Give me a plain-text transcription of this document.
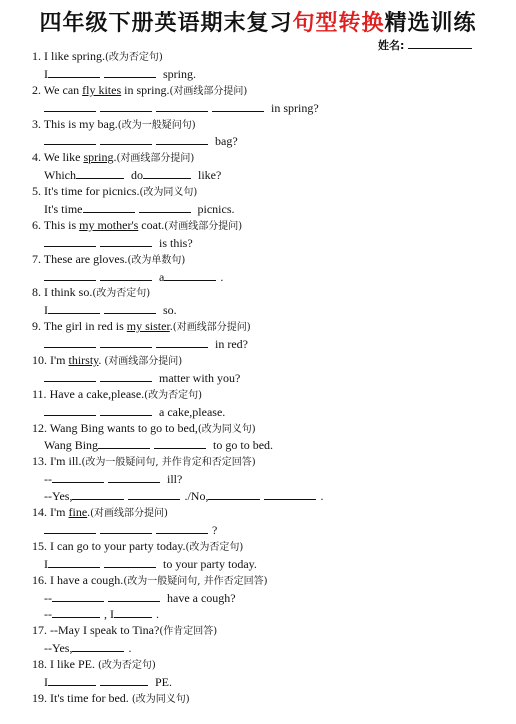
四年级下册英语期末复习句型转换精选训练
姓名:
1. I like spring.(改为否定句)
I	spring.
2. We can fly kites in spring.(对画线部分提问)
in spring?
3. This is my bag.(改为一般疑问句)
bag?
4. We like spring.(对画线部分提问)
Which	do	like?
5. It's time for picnics.(改为同义句)
It's time	picnics.
6. This is my mother's coat.(对画线部分提问)
is this?
7. These are gloves.(改为单数句)
a	.
8. I think so.(改为否定句)
I	so.
9. The girl in red is my sister.(对画线部分提问)
in red?
10. I'm thirsty. (对画线部分提问)
matter with you?
11. Have a cake,please.(改为否定句)
a cake,please.
12. Wang Bing wants to go to bed,(改为同义句)
Wang Bing	to go to bed.
13. I'm ill.(改为一般疑问句, 并作肯定和否定回答)
--	ill?
--Yes,	./No,	.
14. I'm fine.(对画线部分提问)
?
15. I can go to your party today.(改为否定句)
I	to your party today.
16. I have a cough.(改为一般疑问句, 并作否定回答)
--	have a cough?
--	, I	.
17. --May I speak to Tina?(作肯定回答)
--Yes,	.
18. I like PE. (改为否定句)
I	PE.
19. It's time for bed. (改为同义句)
